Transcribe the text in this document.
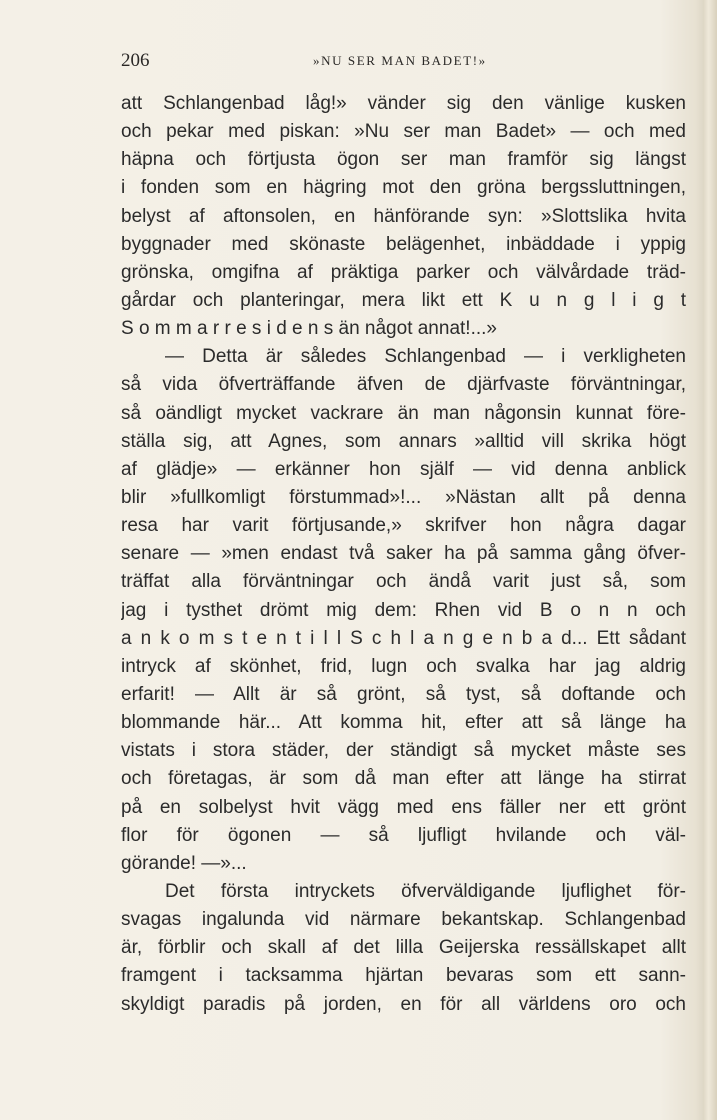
206	»NU SER MAN BADET!»
att Schlangenbad låg!» vänder sig den vänlige kusken
och pekar med piskan: »Nu ser man Badet» — och med
häpna och förtjusta ögon ser man framför sig längst
i fonden som en hägring mot den gröna bergssluttningen,
belyst af aftonsolen, en hänförande syn: »Slottslika hvita
byggnader med skönaste belägenhet, inbäddade i yppig
grönska, omgifna af präktiga parker och välvårdade träd-
gårdar och planteringar, mera likt ett K u n g l i g t
S o m m a r r e s i d e n s än något annat!...»
— Detta är således Schlangenbad — i verkligheten
så vida öfverträffande äfven de djärfvaste förväntningar,
så oändligt mycket vackrare än man någonsin kunnat före-
ställa sig, att Agnes, som annars »alltid vill skrika högt
af glädje» — erkänner hon själf — vid denna anblick
blir »fullkomligt förstummad»!... »Nästan allt på denna
resa har varit förtjusande,» skrifver hon några dagar
senare — »men endast två saker ha på samma gång öfver-
träffat alla förväntningar och ändå varit just så, som
jag i tysthet drömt mig dem: Rhen vid B o n n och
a n k o m s t e n t i l l S c h l a n g e n b a d... Ett sådant
intryck af skönhet, frid, lugn och svalka har jag aldrig
erfarit! — Allt är så grönt, så tyst, så doftande och
blommande här... Att komma hit, efter att så länge ha
vistats i stora städer, der ständigt så mycket måste ses
och företagas, är som då man efter att länge ha stirrat
på en solbelyst hvit vägg med ens fäller ner ett grönt
flor för ögonen — så ljufligt hvilande och väl-
görande! —»...
Det första intryckets öfverväldigande ljuflighet för-
svagas ingalunda vid närmare bekantskap. Schlangenbad
är, förblir och skall af det lilla Geijerska ressällskapet allt
framgent i tacksamma hjärtan bevaras som ett sann-
skyldigt paradis på jorden, en för all världens oro och
